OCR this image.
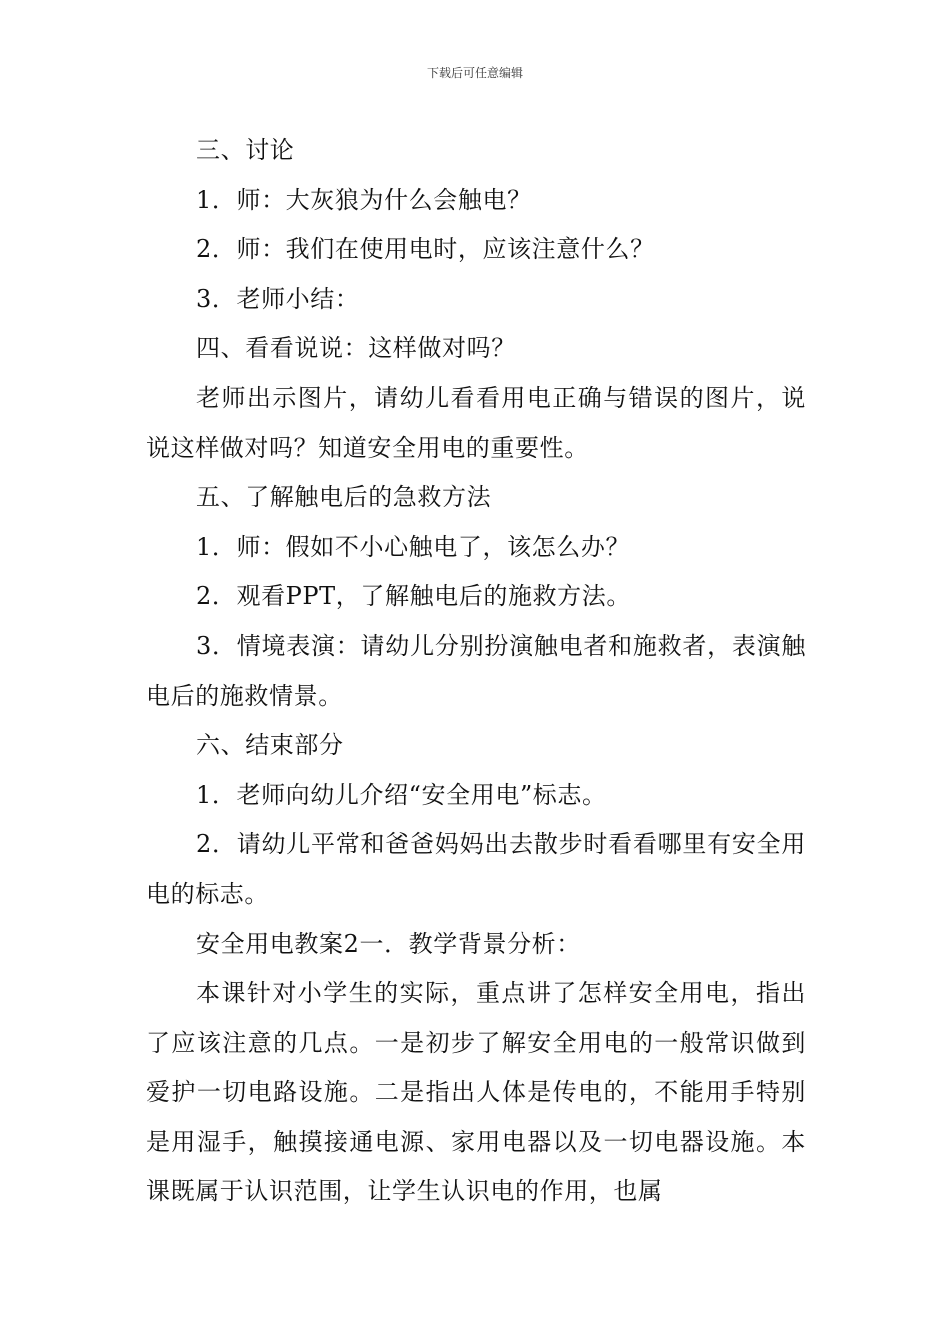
下载后可任意编辑

三、讨论

1．师：大灰狼为什么会触电？

2．师：我们在使用电时，应该注意什么？

3．老师小结：

四、看看说说：这样做对吗？

老师出示图片，请幼儿看看用电正确与错误的图片，说说这样做对吗？知道安全用电的重要性。

五、了解触电后的急救方法

1．师：假如不小心触电了，该怎么办？

2．观看PPT，了解触电后的施救方法。

3．情境表演：请幼儿分别扮演触电者和施救者，表演触电后的施救情景。

六、结束部分

1．老师向幼儿介绍“安全用电”标志。

2．请幼儿平常和爸爸妈妈出去散步时看看哪里有安全用电的标志。

安全用电教案2一．教学背景分析：

本课针对小学生的实际，重点讲了怎样安全用电，指出了应该注意的几点。一是初步了解安全用电的一般常识做到爱护一切电路设施。二是指出人体是传电的，不能用手特别是用湿手，触摸接通电源、家用电器以及一切电器设施。本课既属于认识范围，让学生认识电的作用，也属
